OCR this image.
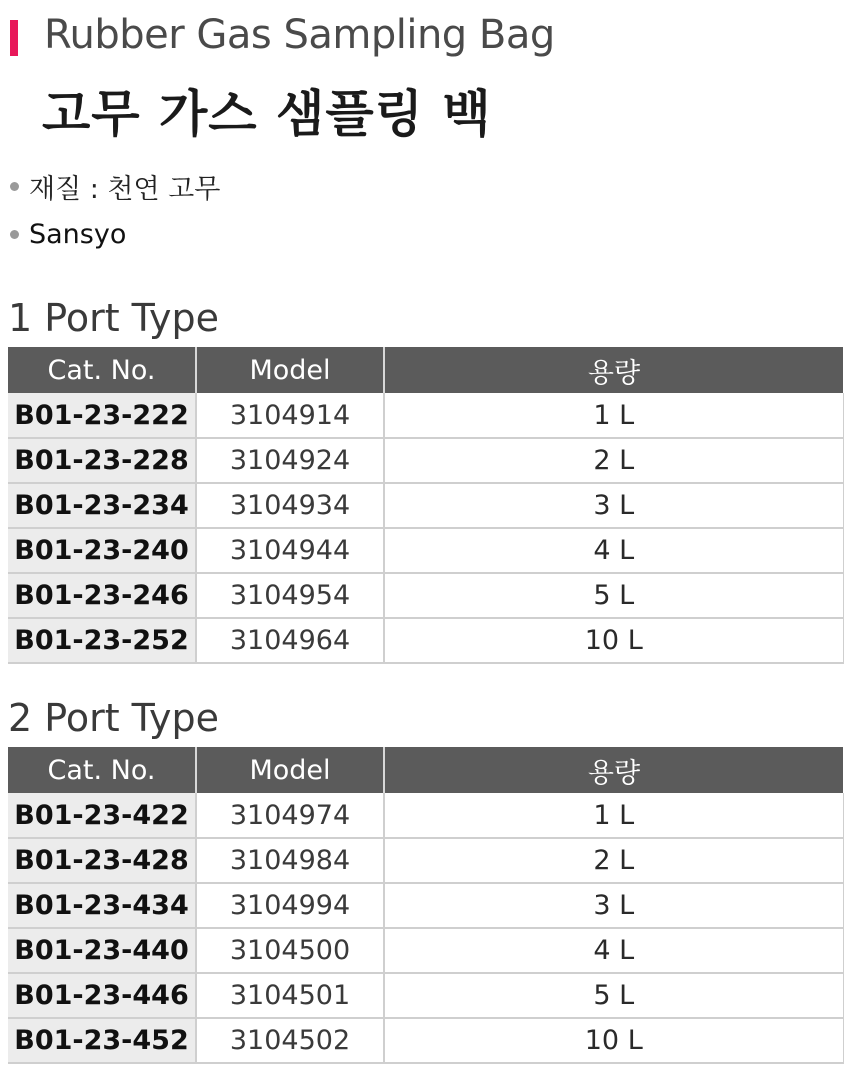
Rubber Gas Sampling Bag
고무 가스 샘플링 백
재질 : 천연 고무
Sansyo
1 Port Type
Cat. No.	Model	용량
B01-23-222	3104914	1 L
B01-23-228	3104924	2 L
B01-23-234	3104934	3 L
B01-23-240	3104944	4 L
B01-23-246	3104954	5 L
B01-23-252	3104964	10 L
2 Port Type
Cat. No.	Model	용량
B01-23-422	3104974	1 L
B01-23-428	3104984	2 L
B01-23-434	3104994	3 L
B01-23-440	3104500	4 L
B01-23-446	3104501	5 L
B01-23-452	3104502	10 L
